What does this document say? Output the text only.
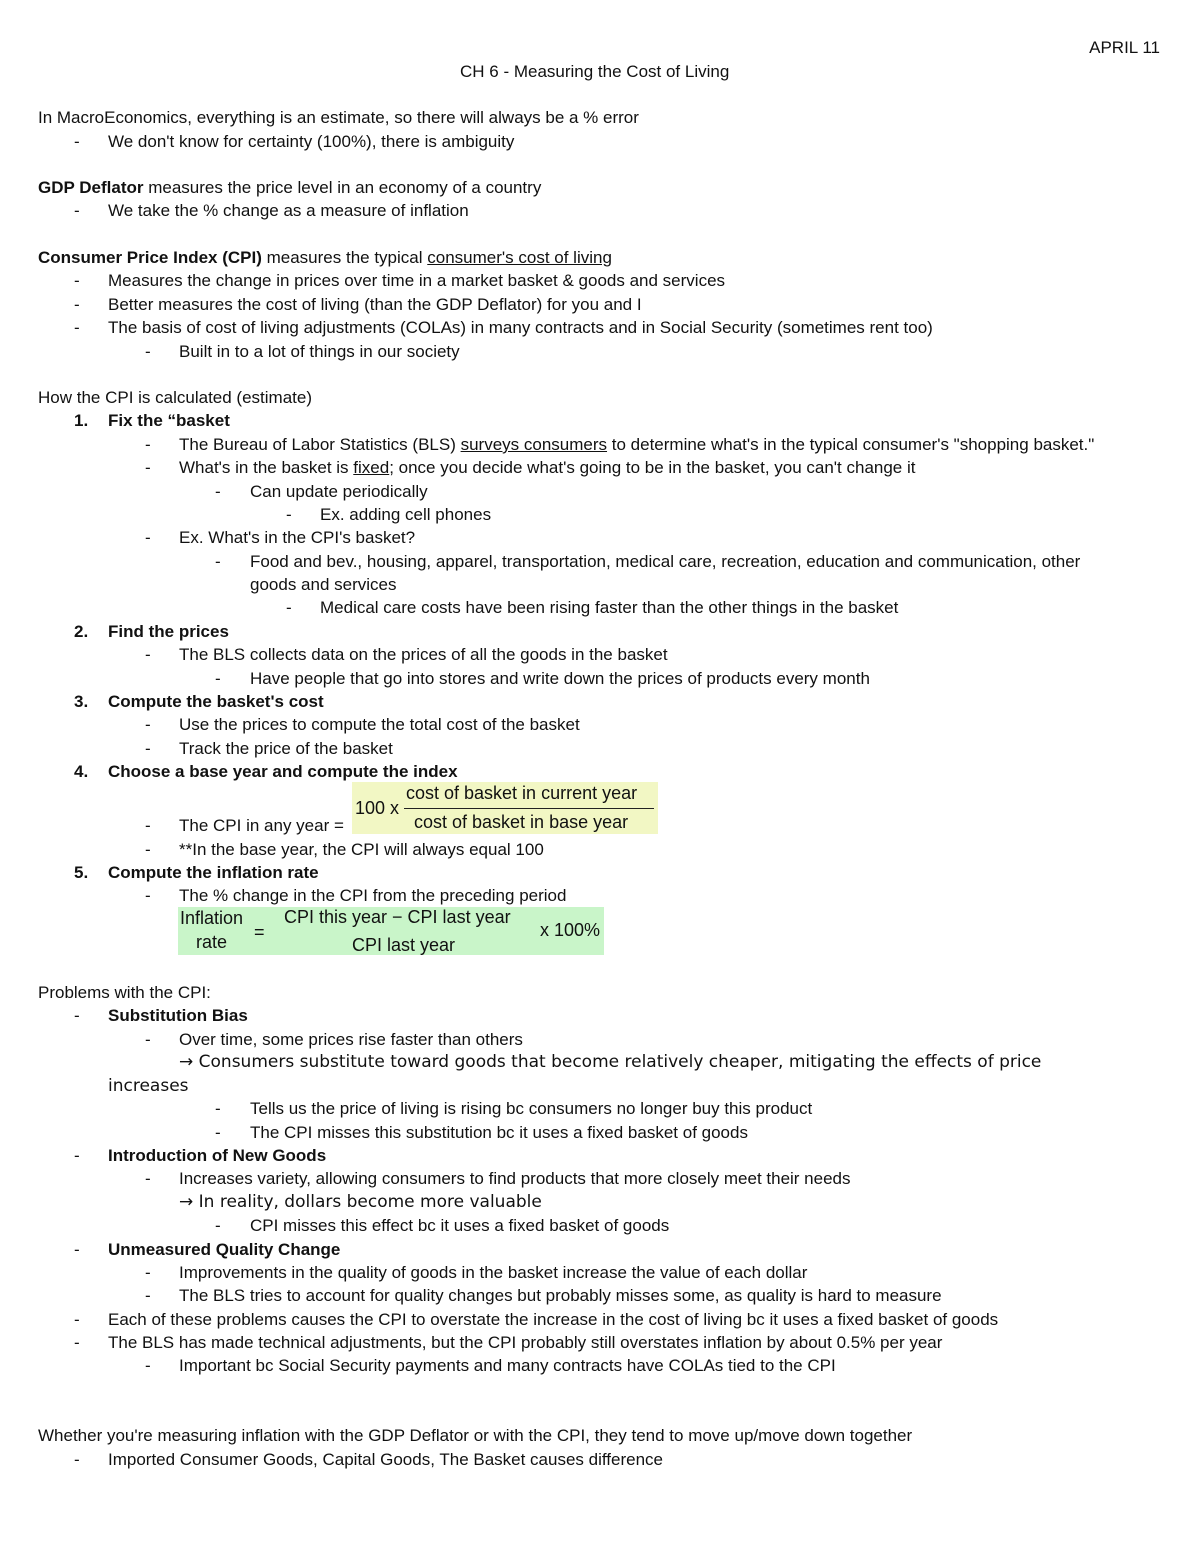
APRIL 11
CH 6 - Measuring the Cost of Living
In MacroEconomics, everything is an estimate, so there will always be a % error
- We don't know for certainty (100%), there is ambiguity
GDP Deflator measures the price level in an economy of a country
- We take the % change as a measure of inflation
Consumer Price Index (CPI) measures the typical consumer's cost of living
- Measures the change in prices over time in a market basket & goods and services
- Better measures the cost of living (than the GDP Deflator) for you and I
- The basis of cost of living adjustments (COLAs) in many contracts and in Social Security (sometimes rent too)
- Built in to a lot of things in our society
How the CPI is calculated (estimate)
1. Fix the “basket
- The Bureau of Labor Statistics (BLS) surveys consumers to determine what's in the typical consumer's "shopping basket."
- What's in the basket is fixed; once you decide what's going to be in the basket, you can't change it
- Can update periodically
- Ex. adding cell phones
- Ex. What's in the CPI's basket?
- Food and bev., housing, apparel, transportation, medical care, recreation, education and communication, other
goods and services
- Medical care costs have been rising faster than the other things in the basket
2. Find the prices
- The BLS collects data on the prices of all the goods in the basket
- Have people that go into stores and write down the prices of products every month
3. Compute the basket's cost
- Use the prices to compute the total cost of the basket
- Track the price of the basket
4. Choose a base year and compute the index
100 x
cost of basket in current year
cost of basket in base year
- The CPI in any year =
- **In the base year, the CPI will always equal 100
5. Compute the inflation rate
- The % change in the CPI from the preceding period
Inflation
rate =
CPI this year − CPI last year
CPI last year
x 100%
Problems with the CPI:
- Substitution Bias
- Over time, some prices rise faster than others
→ Consumers substitute toward goods that become relatively cheaper, mitigating the effects of price
increases
- Tells us the price of living is rising bc consumers no longer buy this product
- The CPI misses this substitution bc it uses a fixed basket of goods
- Introduction of New Goods
- Increases variety, allowing consumers to find products that more closely meet their needs
→ In reality, dollars become more valuable
- CPI misses this effect bc it uses a fixed basket of goods
- Unmeasured Quality Change
- Improvements in the quality of goods in the basket increase the value of each dollar
- The BLS tries to account for quality changes but probably misses some, as quality is hard to measure
- Each of these problems causes the CPI to overstate the increase in the cost of living bc it uses a fixed basket of goods
- The BLS has made technical adjustments, but the CPI probably still overstates inflation by about 0.5% per year
- Important bc Social Security payments and many contracts have COLAs tied to the CPI
Whether you're measuring inflation with the GDP Deflator or with the CPI, they tend to move up/move down together
- Imported Consumer Goods, Capital Goods, The Basket causes difference
